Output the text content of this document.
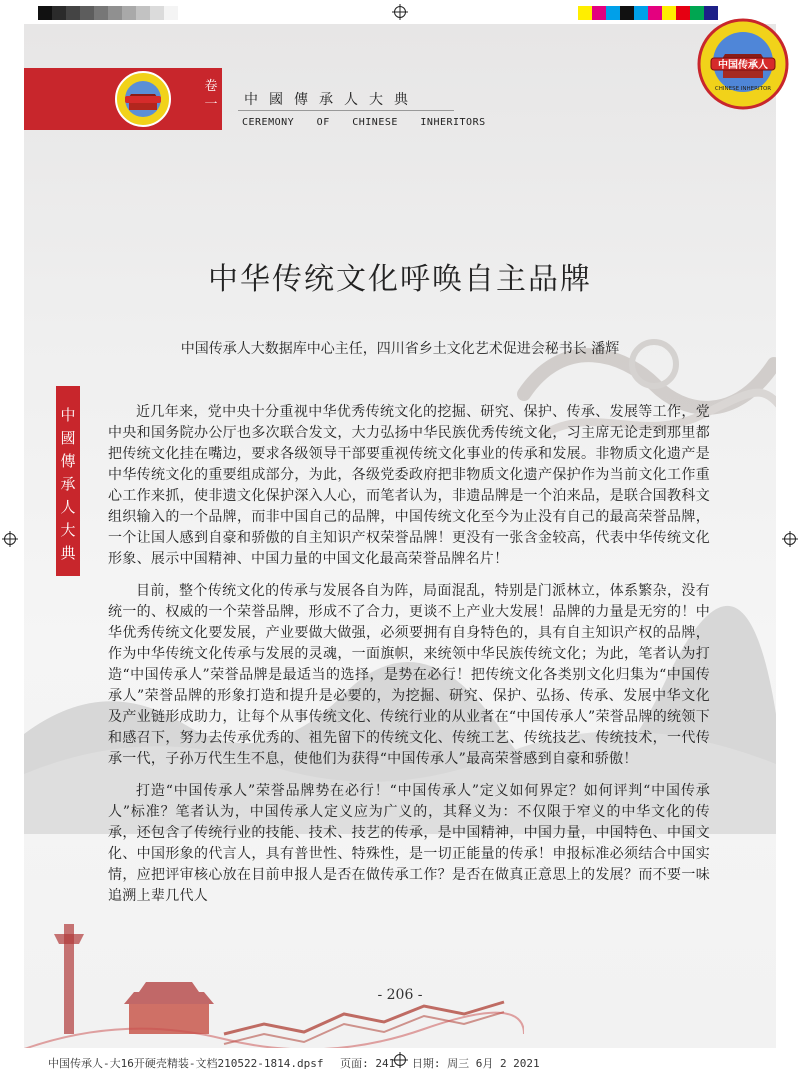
卷一	中國傳承人大典
CEREMONY OF CHINESE INHERITORS
中国传承人
CHINESE INHERITOR
中华传统文化呼唤自主品牌
中国传承人大数据库中心主任，四川省乡土文化艺术促进会秘书长 潘辉
中
國
傳
承
人
大
典

近几年来，党中央十分重视中华优秀传统文化的挖掘、研究、保护、传承、发展等工作，党中央和国务院办公厅也多次联合发文，大力弘扬中华民族优秀传统文化，习主席无论走到那里都把传统文化挂在嘴边，要求各级领导干部要重视传统文化事业的传承和发展。非物质文化遗产是中华传统文化的重要组成部分，为此，各级党委政府把非物质文化遗产保护作为当前文化工作重心工作来抓，使非遗文化保护深入人心，而笔者认为，非遗品牌是一个泊来品，是联合国教科文组织输入的一个品牌，而非中国自己的品牌，中国传统文化至今为止没有自己的最高荣誉品牌，一个让国人感到自豪和骄傲的自主知识产权荣誉品牌！更没有一张含金较高，代表中华传统文化形象、展示中国精神、中国力量的中国文化最高荣誉品牌名片！

目前，整个传统文化的传承与发展各自为阵，局面混乱，特别是门派林立，体系繁杂，没有统一的、权威的一个荣誉品牌，形成不了合力，更谈不上产业大发展！品牌的力量是无穷的！中华优秀传统文化要发展，产业要做大做强，必须要拥有自身特色的，具有自主知识产权的品牌，作为中华传统文化传承与发展的灵魂，一面旗帜，来统领中华民族传统文化；为此，笔者认为打造“中国传承人”荣誉品牌是最适当的选择，是势在必行！把传统文化各类别文化归集为“中国传承人”荣誉品牌的形象打造和提升是必要的，为挖掘、研究、保护、弘扬、传承、发展中华文化及产业链形成助力，让每个从事传统文化、传统行业的从业者在“中国传承人”荣誉品牌的统领下和感召下，努力去传承优秀的、祖先留下的传统文化、传统工艺、传统技艺、传统技术，一代传承一代，子孙万代生生不息，使他们为获得“中国传承人”最高荣誉感到自豪和骄傲！

打造“中国传承人”荣誉品牌势在必行！“中国传承人”定义如何界定？如何评判“中国传承人”标准？笔者认为，中国传承人定义应为广义的，其释义为：不仅限于窄义的中华文化的传承，还包含了传统行业的技能、技术、技艺的传承，是中国精神，中国力量，中国特色、中国文化、中国形象的代言人，具有普世性、特殊性，是一切正能量的传承！申报标准必须结合中国实情，应把评审核心放在目前申报人是否在做传承工作？是否在做真正意思上的发展？而不要一味追溯上辈几代人

- 206 -
中国传承人-大16开硬壳精装-文档210522-1814.dpsf 页面: 241 日期: 周三 6月 2 2021
